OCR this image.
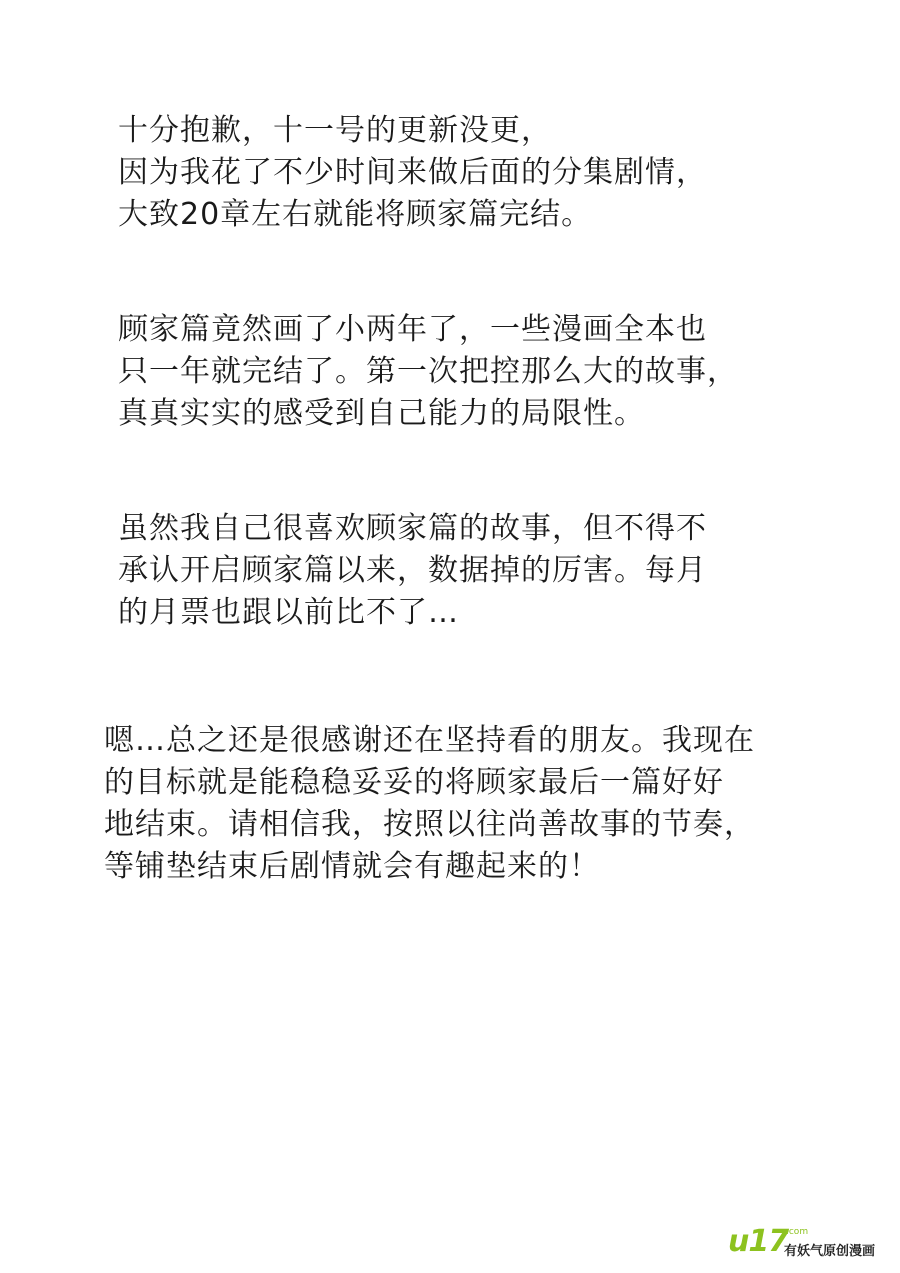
十分抱歉，十一号的更新没更，
因为我花了不少时间来做后面的分集剧情，
大致20章左右就能将顾家篇完结。

顾家篇竟然画了小两年了，一些漫画全本也
只一年就完结了。第一次把控那么大的故事，
真真实实的感受到自己能力的局限性。

虽然我自己很喜欢顾家篇的故事，但不得不
承认开启顾家篇以来，数据掉的厉害。每月
的月票也跟以前比不了…

嗯…总之还是很感谢还在坚持看的朋友。我现在
的目标就是能稳稳妥妥的将顾家最后一篇好好
地结束。请相信我，按照以往尚善故事的节奏，
等铺垫结束后剧情就会有趣起来的！

u17
.com
有妖气原创漫画
